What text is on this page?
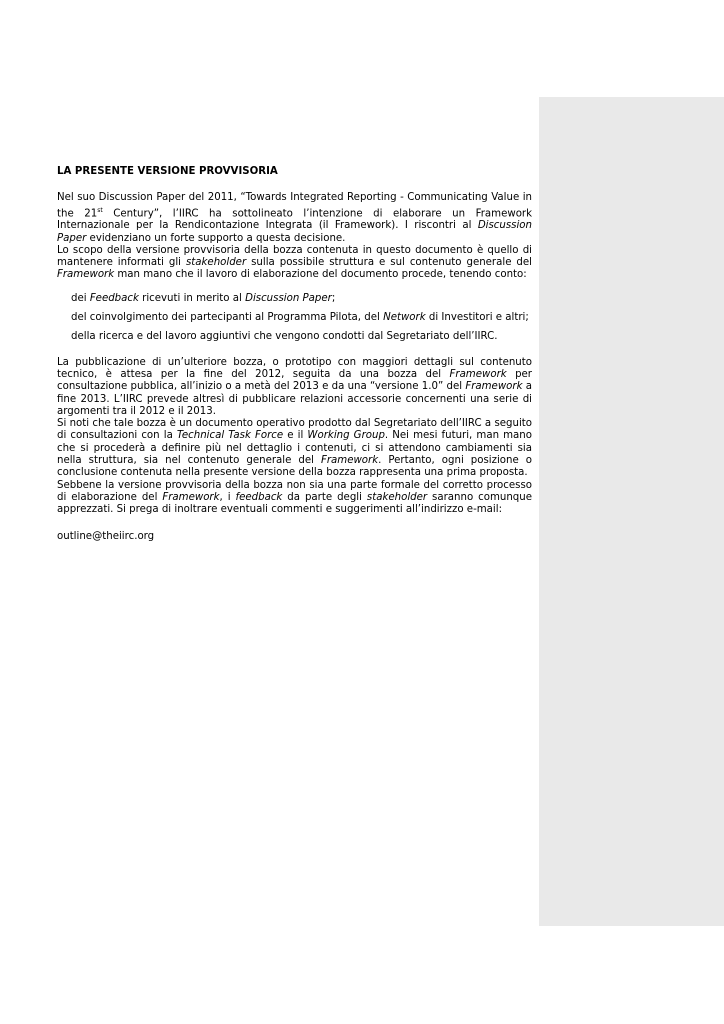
LA PRESENTE VERSIONE PROVVISORIA

Nel suo Discussion Paper del 2011, “Towards Integrated Reporting - Communicating Value in the 21st Century”, l’IIRC ha sottolineato l’intenzione di elaborare un Framework Internazionale per la Rendicontazione Integrata (il Framework). I riscontri al Discussion Paper evidenziano un forte supporto a questa decisione.

Lo scopo della versione provvisoria della bozza contenuta in questo documento è quello di mantenere informati gli stakeholder sulla possibile struttura e sul contenuto generale del Framework man mano che il lavoro di elaborazione del documento procede, tenendo conto:

dei Feedback ricevuti in merito al Discussion Paper;
del coinvolgimento dei partecipanti al Programma Pilota, del Network di Investitori e altri;
della ricerca e del lavoro aggiuntivi che vengono condotti dal Segretariato dell’IIRC.

La pubblicazione di un’ulteriore bozza, o prototipo con maggiori dettagli sul contenuto tecnico, è attesa per la fine del 2012, seguita da una bozza del Framework per consultazione pubblica, all’inizio o a metà del 2013 e da una “versione 1.0” del Framework a fine 2013. L’IIRC prevede altresì di pubblicare relazioni accessorie concernenti una serie di argomenti tra il 2012 e il 2013.

Si noti che tale bozza è un documento operativo prodotto dal Segretariato dell’IIRC a seguito di consultazioni con la Technical Task Force e il Working Group. Nei mesi futuri, man mano che si procederà a definire più nel dettaglio i contenuti, ci si attendono cambiamenti sia nella struttura, sia nel contenuto generale del Framework. Pertanto, ogni posizione o conclusione contenuta nella presente versione della bozza rappresenta una prima proposta.

Sebbene la versione provvisoria della bozza non sia una parte formale del corretto processo di elaborazione del Framework, i feedback da parte degli stakeholder saranno comunque apprezzati. Si prega di inoltrare eventuali commenti e suggerimenti all’indirizzo e-mail:

outline@theiirc.org
